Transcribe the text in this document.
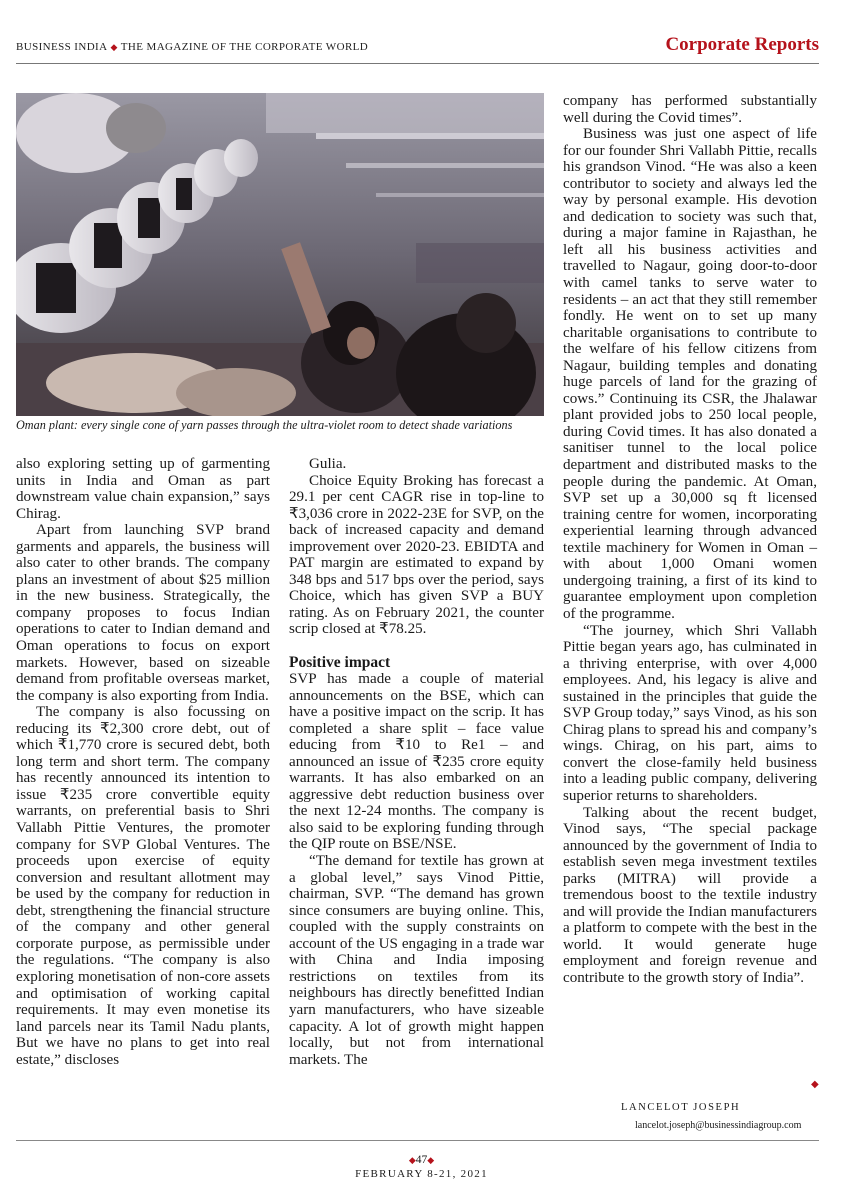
BUSINESS INDIA ◆ THE MAGAZINE OF THE CORPORATE WORLD	Corporate Reports
Oman plant: every single cone of yarn passes through the ultra-violet room to detect shade variations

also exploring setting up of garmenting units in India and Oman as part downstream value chain expansion,” says Chirag.

Apart from launching SVP brand garments and apparels, the business will also cater to other brands. The company plans an investment of about $25 million in the new business. Strategically, the company proposes to focus Indian operations to cater to Indian demand and Oman operations to focus on export markets. However, based on sizeable demand from profitable overseas market, the company is also exporting from India.

The company is also focussing on reducing its ₹2,300 crore debt, out of which ₹1,770 crore is secured debt, both long term and short term. The company has recently announced its intention to issue ₹235 crore convertible equity warrants, on preferential basis to Shri Vallabh Pittie Ventures, the promoter company for SVP Global Ventures. The proceeds upon exercise of equity conversion and resultant allotment may be used by the company for reduction in debt, strengthening the financial structure of the company and other general corporate purpose, as permissible under the regulations. “The company is also exploring monetisation of non-core assets and optimisation of working capital requirements. It may even monetise its land parcels near its Tamil Nadu plants, But we have no plans to get into real estate,” discloses

Gulia.

Choice Equity Broking has forecast a 29.1 per cent CAGR rise in top-line to ₹3,036 crore in 2022-23E for SVP, on the back of increased capacity and demand improvement over 2020-23. EBIDTA and PAT margin are estimated to expand by 348 bps and 517 bps over the period, says Choice, which has given SVP a BUY rating. As on February 2021, the counter scrip closed at ₹78.25.

Positive impact

SVP has made a couple of material announcements on the BSE, which can have a positive impact on the scrip. It has completed a share split – face value educing from ₹10 to Re1 – and announced an issue of ₹235 crore equity warrants. It has also embarked on an aggressive debt reduction business over the next 12-24 months. The company is also said to be exploring funding through the QIP route on BSE/NSE.

“The demand for textile has grown at a global level,” says Vinod Pittie, chairman, SVP. “The demand has grown since consumers are buying online. This, coupled with the supply constraints on account of the US engaging in a trade war with China and India imposing restrictions on textiles from its neighbours has directly benefitted Indian yarn manufacturers, who have sizeable capacity. A lot of growth might happen locally, but not from international markets. The

company has performed substantially well during the Covid times”.

Business was just one aspect of life for our founder Shri Vallabh Pittie, recalls his grandson Vinod. “He was also a keen contributor to society and always led the way by personal example. His devotion and dedication to society was such that, during a major famine in Rajasthan, he left all his business activities and travelled to Nagaur, going door-to-door with camel tanks to serve water to residents – an act that they still remember fondly. He went on to set up many charitable organisations to contribute to the welfare of his fellow citizens from Nagaur, building temples and donating huge parcels of land for the grazing of cows.” Continuing its CSR, the Jhalawar plant provided jobs to 250 local people, during Covid times. It has also donated a sanitiser tunnel to the local police department and distributed masks to the people during the pandemic. At Oman, SVP set up a 30,000 sq ft licensed training centre for women, incorporating experiential learning through advanced textile machinery for Women in Oman – with about 1,000 Omani women undergoing training, a first of its kind to guarantee employment upon completion of the programme.

“The journey, which Shri Vallabh Pittie began years ago, has culminated in a thriving enterprise, with over 4,000 employees. And, his legacy is alive and sustained in the principles that guide the SVP Group today,” says Vinod, as his son Chirag plans to spread his and company’s wings. Chirag, on his part, aims to convert the close-family held business into a leading public company, delivering superior returns to shareholders.

Talking about the recent budget, Vinod says, “The special package announced by the government of India to establish seven mega investment textiles parks (MITRA) will provide a tremendous boost to the textile industry and will provide the Indian manufacturers a platform to compete with the best in the world. It would generate huge employment and foreign revenue and contribute to the growth story of India”.

◆
LANCELOT JOSEPH
lancelot.joseph@businessindiagroup.com
◆47◆
FEBRUARY 8-21, 2021
